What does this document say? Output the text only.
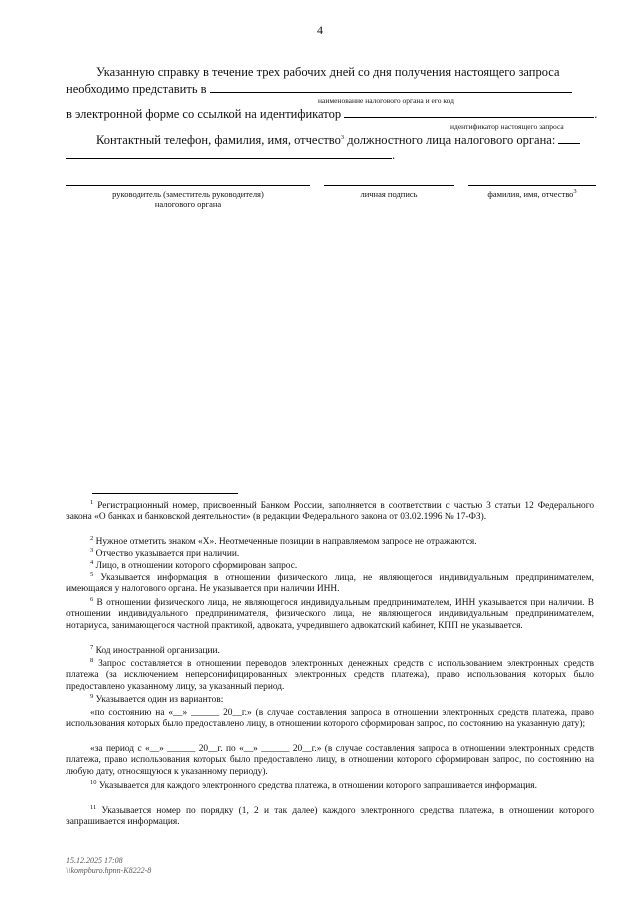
4
Указанную справку в течение трех рабочих дней со дня получения настоящего запроса
необходимо представить в
наименование налогового органа и его код
в электронной форме со ссылкой на идентификатор	.
идентификатор настоящего запроса
Контактный телефон, фамилия, имя, отчество$^3$ должностного лица налогового органа:
.
руководитель (заместитель руководителя)
налогового органа
личная подпись	фамилия, имя, отчество$^3$
$^1$ Регистрационный номер, присвоенный Банком России, заполняется в соответствии с частью 3 статьи 12 Федерального закона «О банках и банковской деятельности» (в редакции Федерального закона от 03.02.1996 № 17-ФЗ).
$^2$ Нужное отметить знаком «Х». Неотмеченные позиции в направляемом запросе не отражаются.
$^3$ Отчество указывается при наличии.
$^4$ Лицо, в отношении которого сформирован запрос.
$^5$ Указывается информация в отношении физического лица, не являющегося индивидуальным предпринимателем, имеющаяся у налогового органа. Не указывается при наличии ИНН.
$^6$ В отношении физического лица, не являющегося индивидуальным предпринимателем, ИНН указывается при наличии. В отношении индивидуального предпринимателя, физического лица, не являющегося индивидуальным предпринимателем, нотариуса, занимающегося частной практикой, адвоката, учредившего адвокатский кабинет, КПП не указывается.
$^7$ Код иностранной организации.
$^8$ Запрос составляется в отношении переводов электронных денежных средств с использованием электронных средств платежа (за исключением неперсонифицированных электронных средств платежа), право использования которых было предоставлено указанному лицу, за указанный период.
$^9$ Указывается один из вариантов:
«по состоянию на «__» ______ 20__г.» (в случае составления запроса в отношении электронных средств платежа, право использования которых было предоставлено лицу, в отношении которого сформирован запрос, по состоянию на указанную дату);
«за период с «__» ______ 20__г. по «__» ______ 20__г.» (в случае составления запроса в отношении электронных средств платежа, право использования которых было предоставлено лицу, в отношении которого сформирован запрос, по состоянию на любую дату, относящуюся к указанному периоду).
$^{10}$ Указывается для каждого электронного средства платежа, в отношении которого запрашивается информация.
$^{11}$ Указывается номер по порядку (1, 2 и так далее) каждого электронного средства платежа, в отношении которого запрашивается информация.
15.12.2025 17:08
\\kompburo.hpnn-K8222-8
